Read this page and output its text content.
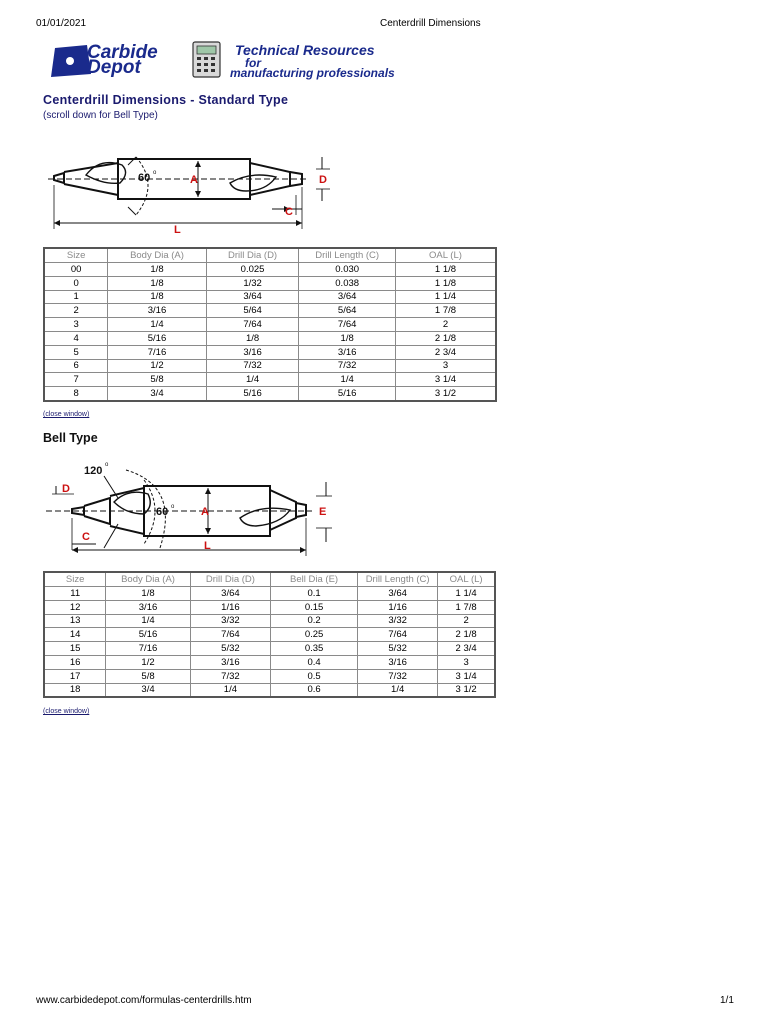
01/01/2021	Centerdrill Dimensions
Carbide
Depot
Technical Resources
for
manufacturing professionals
Centerdrill Dimensions - Standard Type
(scroll down for Bell Type)
60 o
A	D
C
L
Size	Body Dia (A)	Drill Dia (D)	Drill Length (C)	OAL (L)
00	1/8	0.025	0.030	1 1/8
0	1/8	1/32	0.038	1 1/8
1	1/8	3/64	3/64	1 1/4
2	3/16	5/64	5/64	1 7/8
3	1/4	7/64	7/64	2
4	5/16	1/8	1/8	2 1/8
5	7/16	3/16	3/16	2 3/4
6	1/2	7/32	7/32	3
7	5/8	1/4	1/4	3 1/4
8	3/4	5/16	5/16	3 1/2
(close window)
Bell Type
120 o
60 o
D
A	E
C
L
Size	Body Dia (A)	Drill Dia (D)	Bell Dia (E)	Drill Length (C)	OAL (L)
11	1/8	3/64	0.1	3/64	1 1/4
12	3/16	1/16	0.15	1/16	1 7/8
13	1/4	3/32	0.2	3/32	2
14	5/16	7/64	0.25	7/64	2 1/8
15	7/16	5/32	0.35	5/32	2 3/4
16	1/2	3/16	0.4	3/16	3
17	5/8	7/32	0.5	7/32	3 1/4
18	3/4	1/4	0.6	1/4	3 1/2
(close window)
www.carbidedepot.com/formulas-centerdrills.htm	1/1
